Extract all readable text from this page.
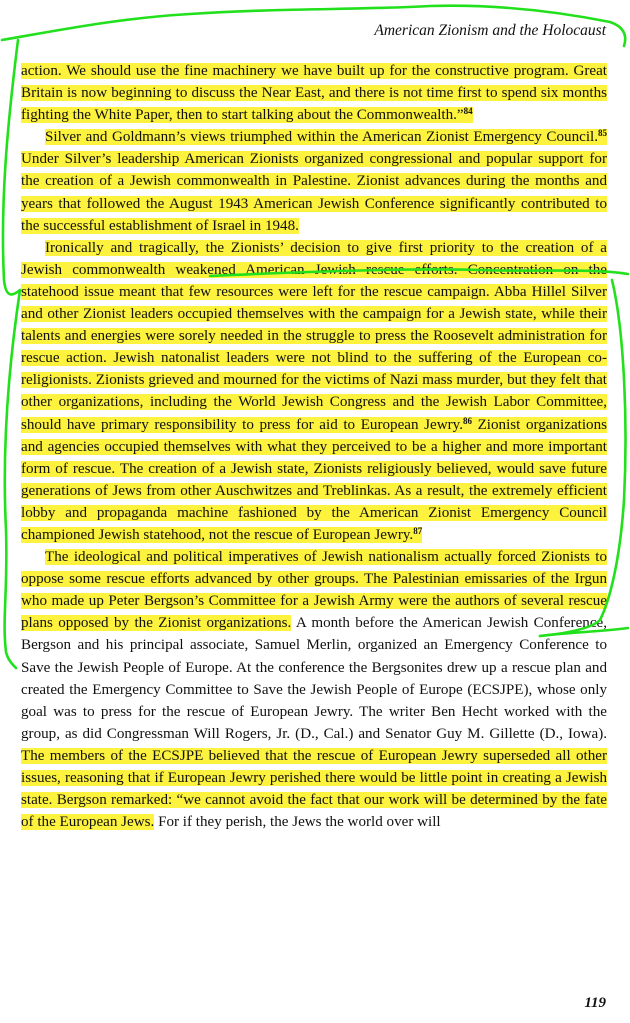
American Zionism and the Holocaust

action. We should use the fine machinery we have built up for the constructive program. Great Britain is now beginning to discuss the Near East, and there is not time first to spend six months fighting the White Paper, then to start talking about the Commonwealth.”$^{84}$

Silver and Goldmann’s views triumphed within the American Zionist Emergency Council.$^{85}$ Under Silver’s leadership American Zionists organized congressional and popular support for the creation of a Jewish commonwealth in Palestine. Zionist advances during the months and years that followed the August 1943 American Jewish Conference significantly contributed to the successful establishment of Israel in 1948.

Ironically and tragically, the Zionists’ decision to give first priority to the creation of a Jewish commonwealth weakened American Jewish rescue efforts. Concentration on the statehood issue meant that few resources were left for the rescue campaign. Abba Hillel Silver and other Zionist leaders occupied themselves with the campaign for a Jewish state, while their talents and energies were sorely needed in the struggle to press the Roosevelt administration for rescue action. Jewish natonalist leaders were not blind to the suffering of the European co-religionists. Zionists grieved and mourned for the victims of Nazi mass murder, but they felt that other organizations, including the World Jewish Congress and the Jewish Labor Committee, should have primary responsibility to press for aid to European Jewry.$^{86}$ Zionist organizations and agencies occupied themselves with what they perceived to be a higher and more important form of rescue. The creation of a Jewish state, Zionists religiously believed, would save future generations of Jews from other Auschwitzes and Treblinkas. As a result, the extremely efficient lobby and propaganda machine fashioned by the American Zionist Emergency Council championed Jewish statehood, not the rescue of European Jewry.$^{87}$

The ideological and political imperatives of Jewish nationalism actually forced Zionists to oppose some rescue efforts advanced by other groups. The Palestinian emissaries of the Irgun who made up Peter Bergson’s Committee for a Jewish Army were the authors of several rescue plans opposed by the Zionist organizations. A month before the American Jewish Conference, Bergson and his principal associate, Samuel Merlin, organized an Emergency Conference to Save the Jewish People of Europe. At the conference the Bergsonites drew up a rescue plan and created the Emergency Committee to Save the Jewish People of Europe (ECSJPE), whose only goal was to press for the rescue of European Jewry. The writer Ben Hecht worked with the group, as did Congressman Will Rogers, Jr. (D., Cal.) and Senator Guy M. Gillette (D., Iowa). The members of the ECSJPE believed that the rescue of European Jewry superseded all other issues, reasoning that if European Jewry perished there would be little point in creating a Jewish state. Bergson remarked: “we cannot avoid the fact that our work will be determined by the fate of the European Jews. For if they perish, the Jews the world over will

119
